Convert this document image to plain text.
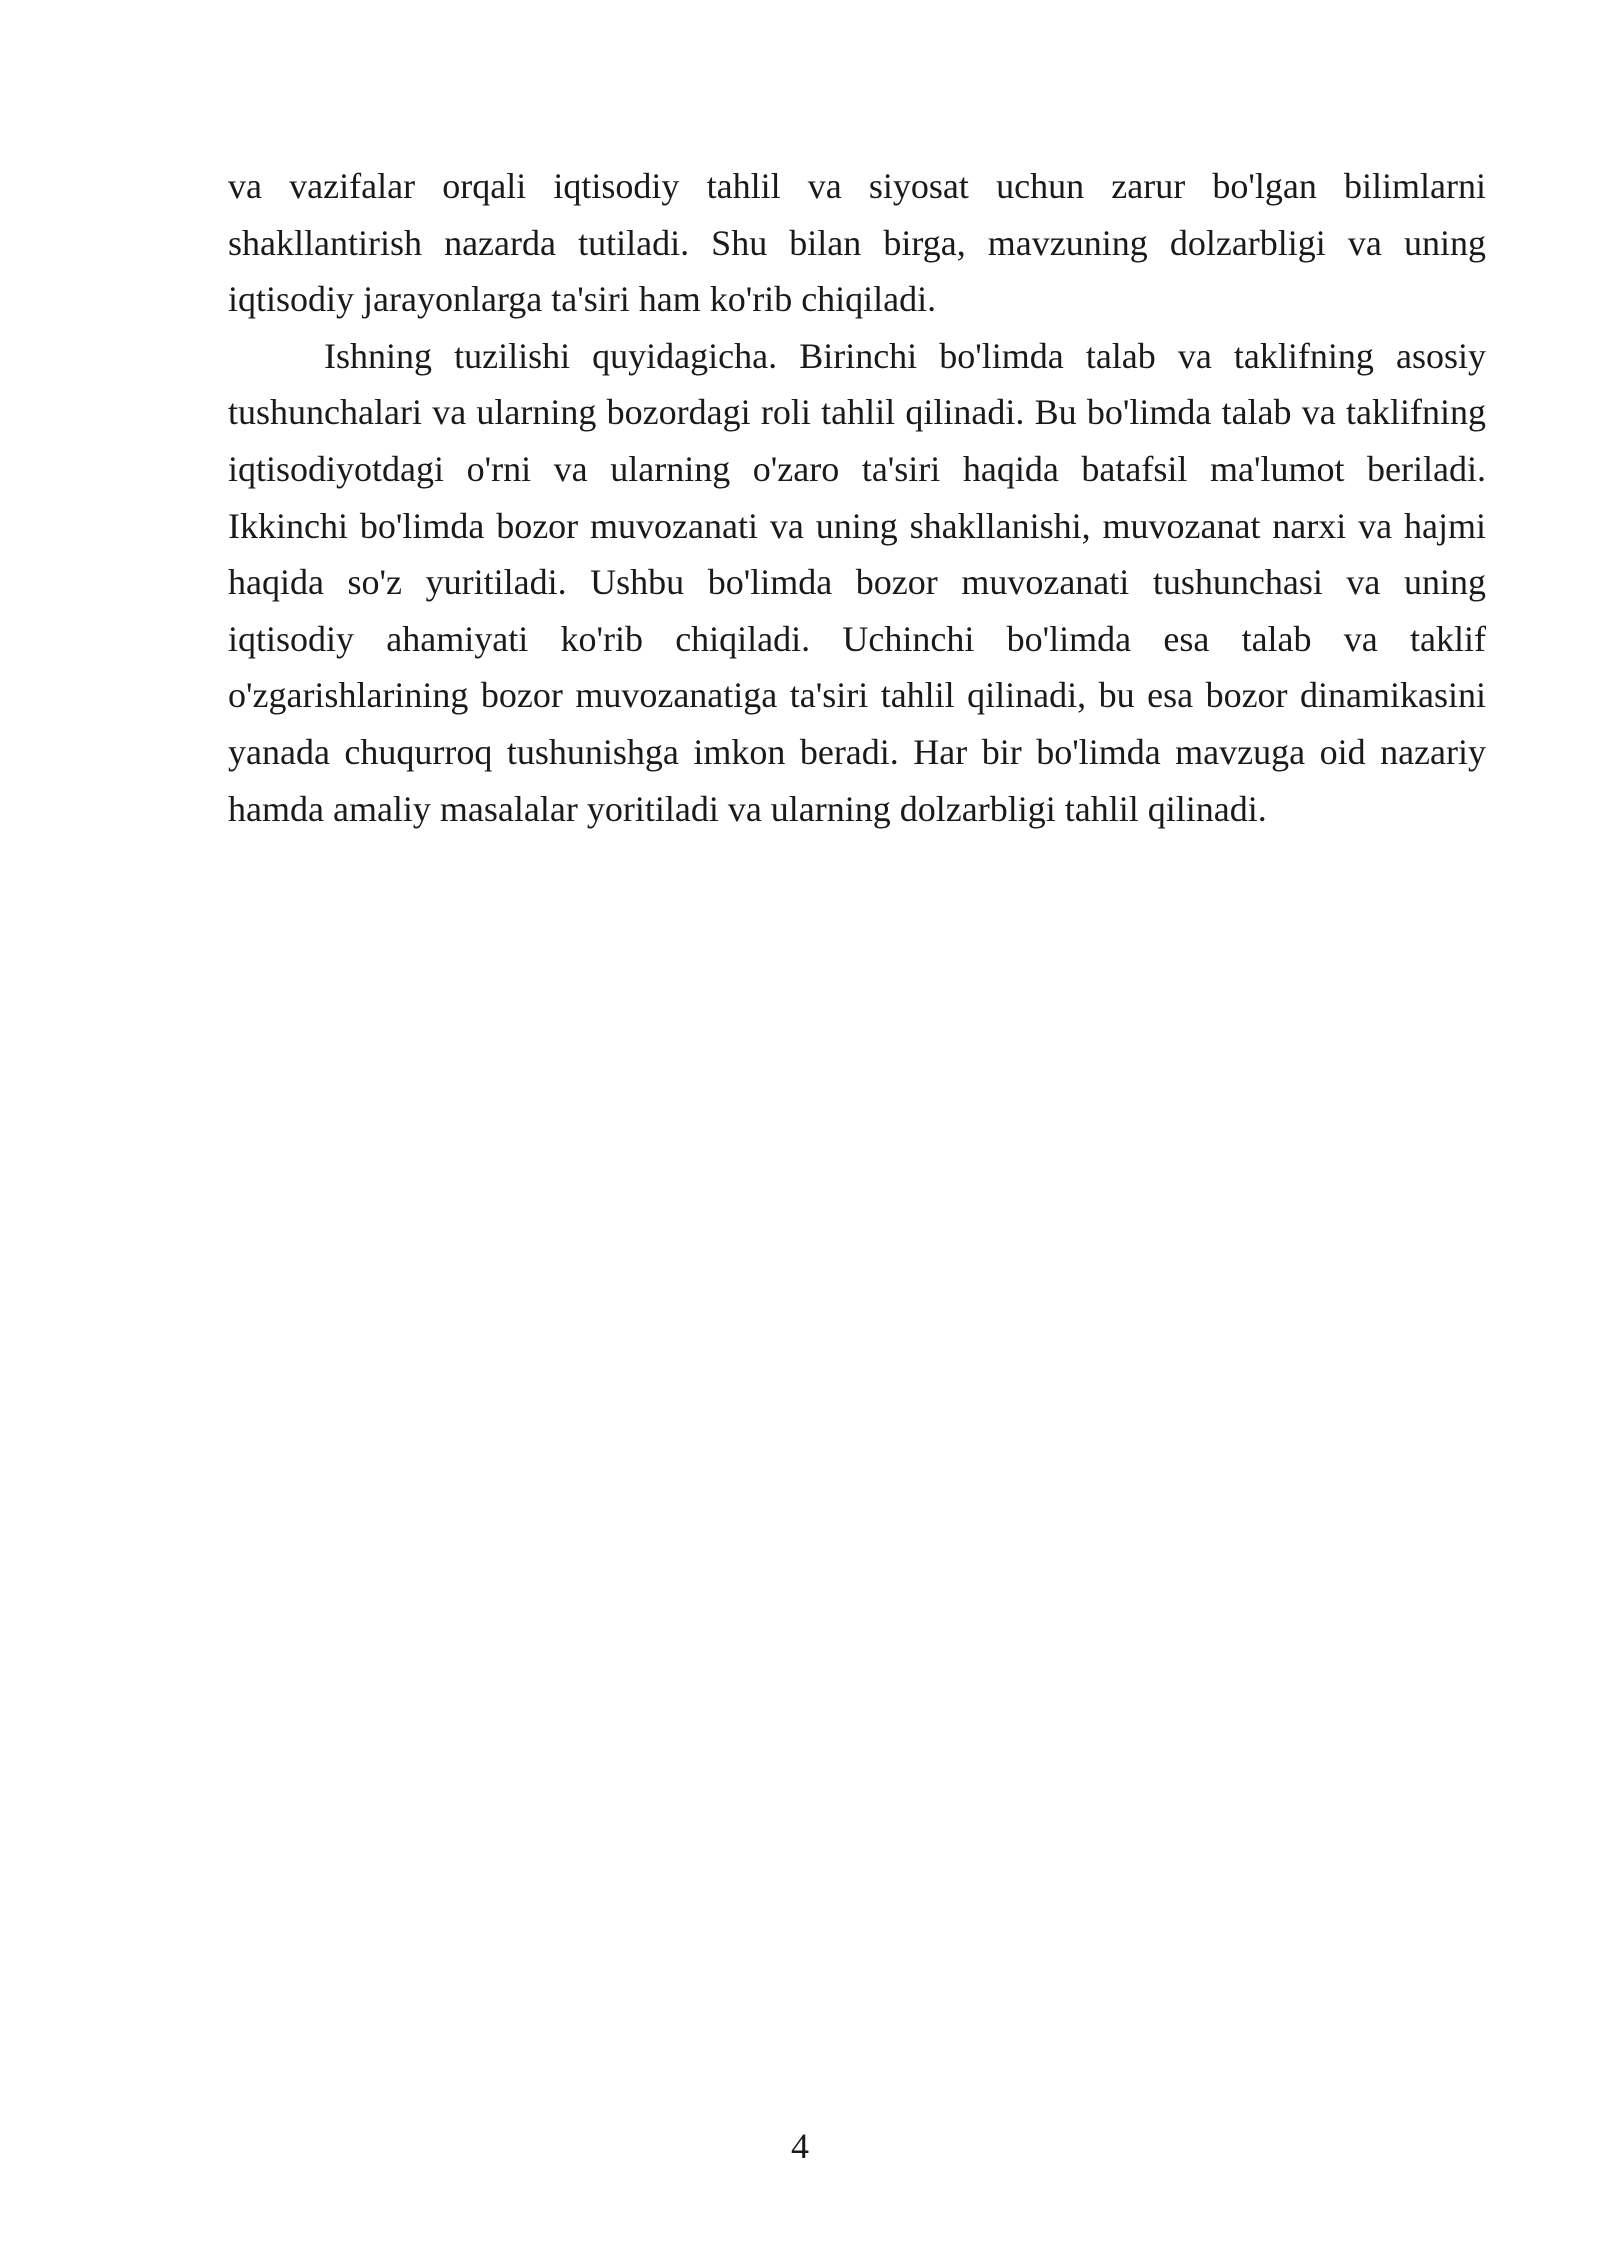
va vazifalar orqali iqtisodiy tahlil va siyosat uchun zarur bo'lgan bilimlarni shakllantirish nazarda tutiladi. Shu bilan birga, mavzuning dolzarbligi va uning iqtisodiy jarayonlarga ta'siri ham ko'rib chiqiladi.

Ishning tuzilishi quyidagicha. Birinchi bo'limda talab va taklifning asosiy tushunchalari va ularning bozordagi roli tahlil qilinadi. Bu bo'limda talab va taklifning iqtisodiyotdagi o'rni va ularning o'zaro ta'siri haqida batafsil ma'lumot beriladi. Ikkinchi bo'limda bozor muvozanati va uning shakllanishi, muvozanat narxi va hajmi haqida so'z yuritiladi. Ushbu bo'limda bozor muvozanati tushunchasi va uning iqtisodiy ahamiyati ko'rib chiqiladi. Uchinchi bo'limda esa talab va taklif o'zgarishlarining bozor muvozanatiga ta'siri tahlil qilinadi, bu esa bozor dinamikasini yanada chuqurroq tushunishga imkon beradi. Har bir bo'limda mavzuga oid nazariy hamda amaliy masalalar yoritiladi va ularning dolzarbligi tahlil qilinadi.

4
